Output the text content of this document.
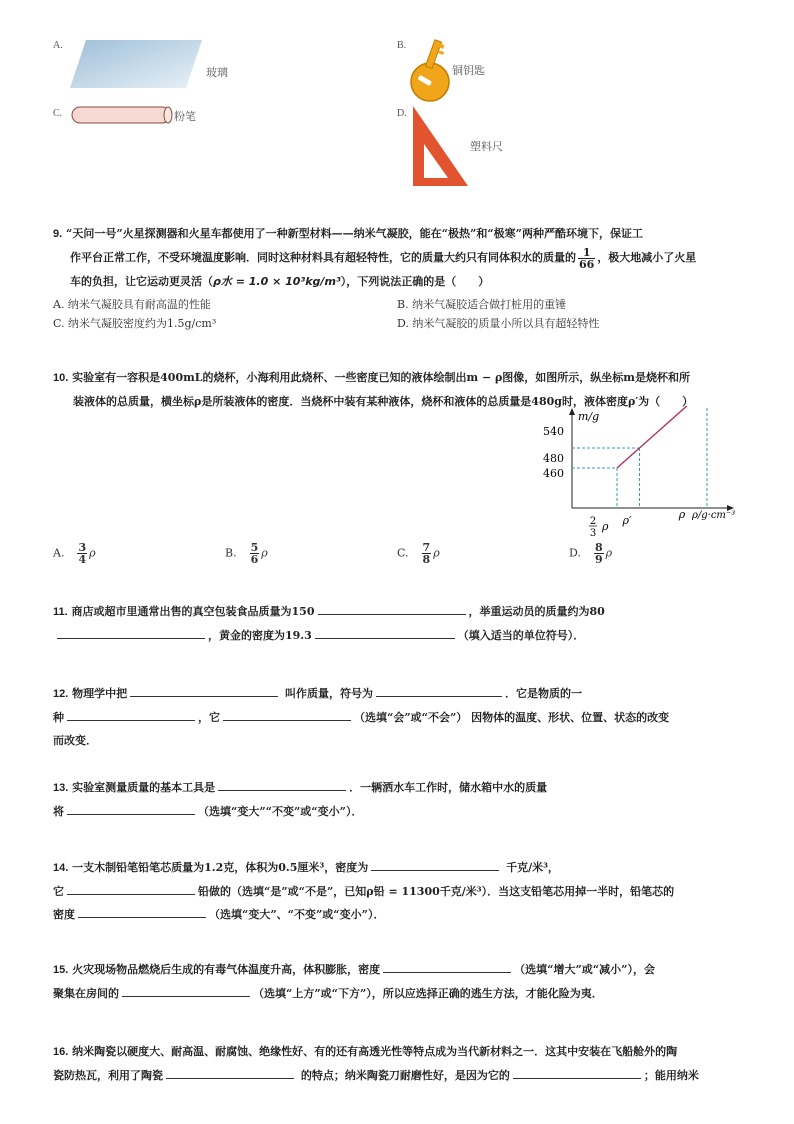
A.
玻璃
B.
铜钥匙
C.	粉笔	D.
塑料尺
9. “天问一号”火星探测器和火星车都使用了一种新型材料——纳米气凝胶，能在“极热”和“极寒”两种严酷环境下，保证工
作平台正常工作，不受环境温度影响．同时这种材料具有超轻特性，它的质量大约只有同体积水的质量的 $\frac{1}{66}$ ，极大地减小了火星
车的负担，让它运动更灵活（ρ水 = 1.0 × 10³kg/m³），下列说法正确的是（　　）
A. 纳米气凝胶具有耐高温的性能	B. 纳米气凝胶适合做打桩用的重锤
C. 纳米气凝胶密度约为1.5g/cm³	D. 纳米气凝胶的质量小所以具有超轻特性
10. 实验室有一容积是400mL的烧杯，小海利用此烧杯、一些密度已知的液体绘制出m − ρ图像，如图所示，纵坐标m是烧杯和所
装液体的总质量，横坐标ρ是所装液体的密度．当烧杯中装有某种液体，烧杯和液体的总质量是480g时，液体密度ρ′为（　　）
m/g
ρ/g·cm⁻³
540
480
460
2
3
ρ ρ′	ρ
A.　 $\frac{3}{4}$ ρ	B.　 $\frac{5}{6}$ ρ	C.　 $\frac{7}{8}$ ρ	D.　 $\frac{8}{9}$ ρ
11. 商店或超市里通常出售的真空包装食品质量为150	，举重运动员的质量约为80
，黄金的密度为19.3	（填入适当的单位符号）．
12. 物理学中把	叫作质量，符号为	．它是物质的一
种	，它	（选填“会”或“不会”） 因物体的温度、形状、位置、状态的改变
而改变．
13. 实验室测量质量的基本工具是	．一辆洒水车工作时，储水箱中水的质量
将	（选填“变大”“不变”或“变小”）．
14. 一支木制铅笔铅笔芯质量为1.2克，体积为0.5厘米³，密度为	千克/米³，
它	铅做的（选填“是”或“不是”，已知ρ铅 = 11300千克/米³）．当这支铅笔芯用掉一半时，铅笔芯的
密度	（选填“变大”、“不变”或“变小”）．
15. 火灾现场物品燃烧后生成的有毒气体温度升高，体积膨胀，密度	（选填“增大”或“减小”），会
聚集在房间的	（选填“上方”或“下方”），所以应选择正确的逃生方法，才能化险为夷．
16. 纳米陶瓷以硬度大、耐高温、耐腐蚀、绝缘性好、有的还有高透光性等特点成为当代新材料之一．这其中安装在飞船舱外的陶
瓷防热瓦，利用了陶瓷	的特点；纳米陶瓷刀耐磨性好，是因为它的	；能用纳米
